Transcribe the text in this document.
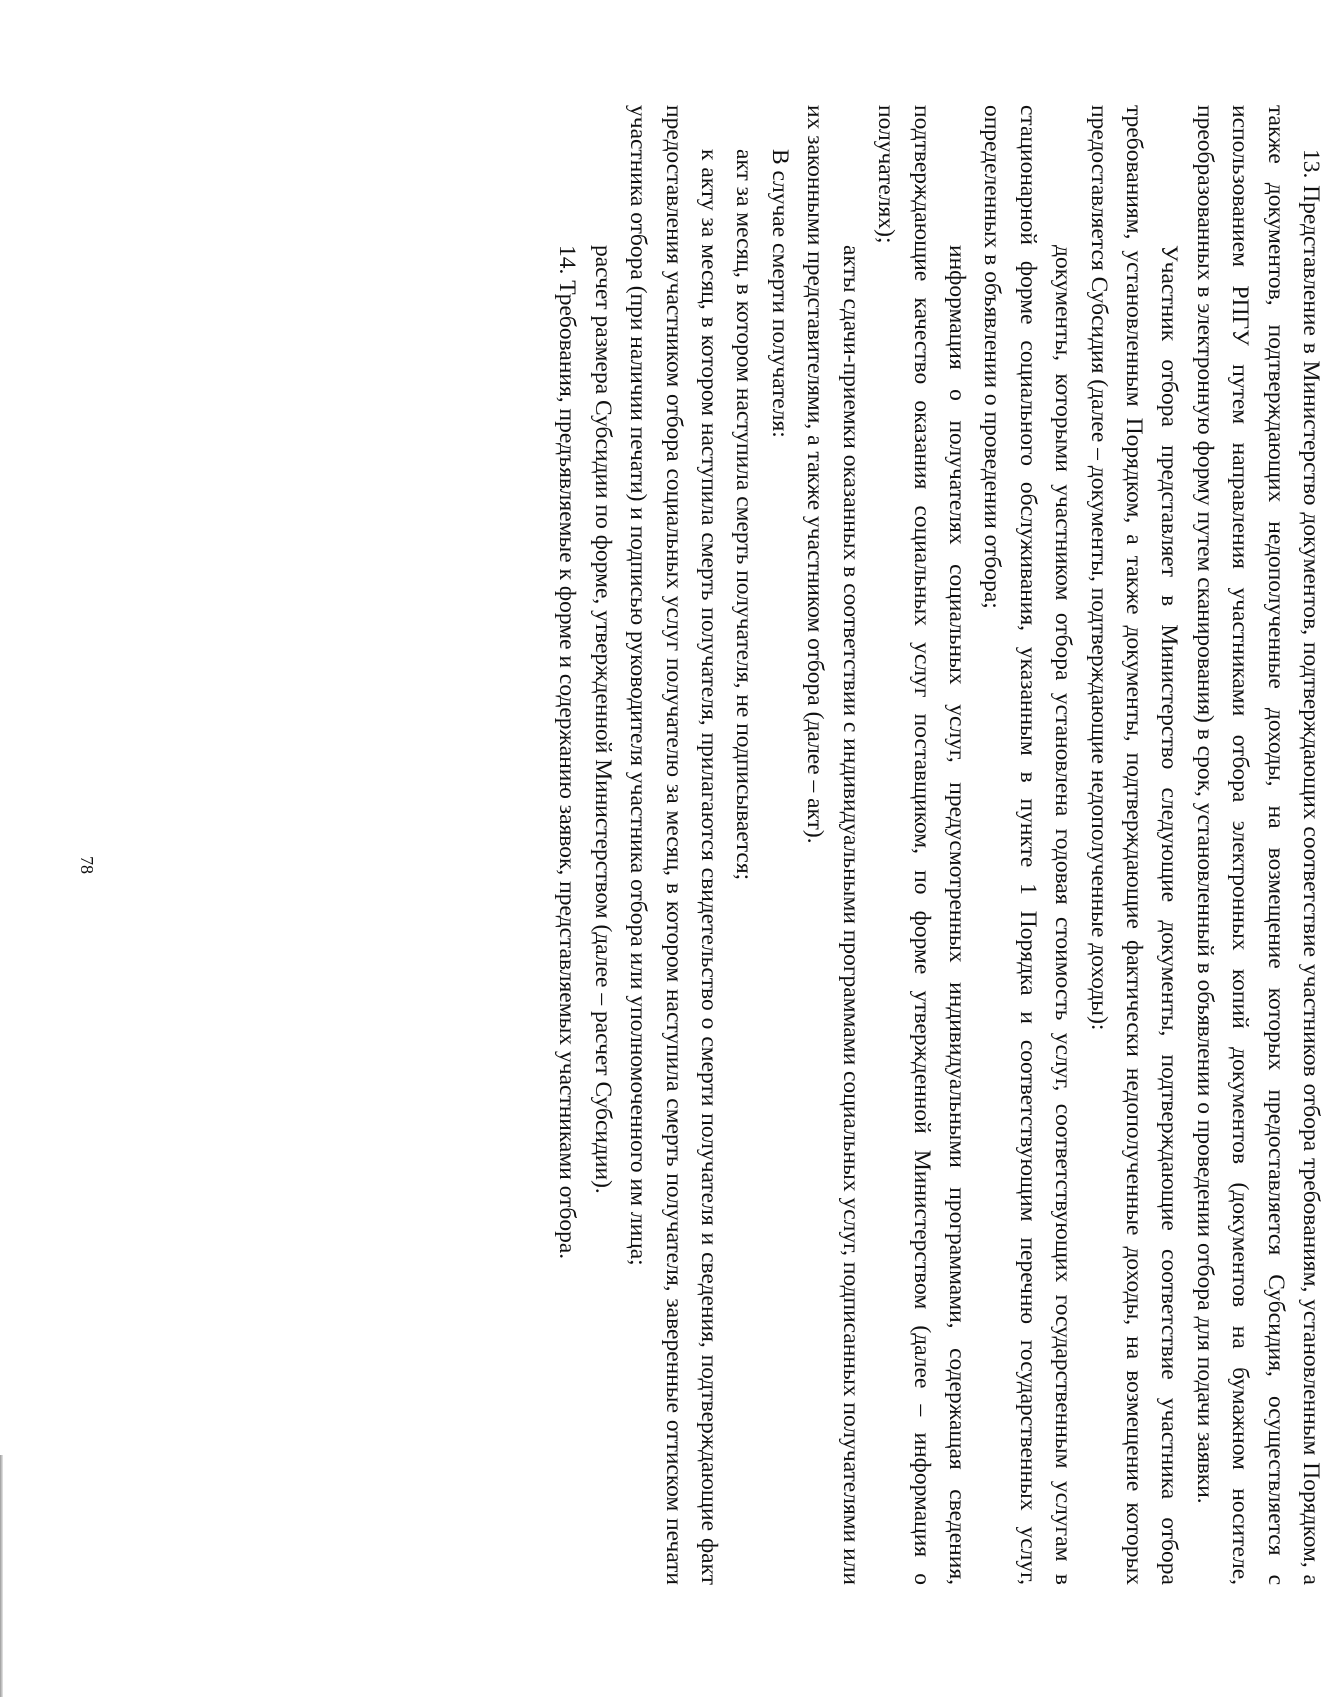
78	13. Представление в Министерство документов, подтверждающих соответствие участников отбора требованиям, установленным Порядком, а также документов, подтверждающих недополученные доходы, на возмещение которых предоставляется Субсидия, осуществляется с использованием РПГУ путем направления участниками отбора электронных копий документов (документов на бумажном носителе, преобразованных в электронную форму путем сканирования) в срок, установленный в объявлении о проведении отбора для подачи заявки.

Участник отбора представляет в Министерство следующие документы, подтверждающие соответствие участника отбора требованиям, установленным Порядком, а также документы, подтверждающие фактически недополученные доходы, на возмещение которых предоставляется Субсидия (далее – документы, подтверждающие недополученные доходы):

документы, которыми участником отбора установлена годовая стоимость услуг, соответствующих государственным услугам в стационарной форме социального обслуживания, указанным в пункте 1 Порядка и соответствующим перечню государственных услуг, определенных в объявлении о проведении отбора;

информация о получателях социальных услуг, предусмотренных индивидуальными программами, содержащая сведения, подтверждающие качество оказания социальных услуг поставщиком, по форме утвержденной Министерством (далее – информация о получателях);

акты сдачи-приемки оказанных в соответствии с индивидуальными программами социальных услуг, подписанных получателями или их законными представителями, а также участником отбора (далее – акт).

В случае смерти получателя:

акт за месяц, в котором наступила смерть получателя, не подписывается;

к акту за месяц, в котором наступила смерть получателя, прилагаются свидетельство о смерти получателя и сведения, подтверждающие факт предоставления участником отбора социальных услуг получателю за месяц, в котором наступила смерть получателя, заверенные оттиском печати участника отбора (при наличии печати) и подписью руководителя участника отбора или уполномоченного им лица;

расчет размера Субсидии по форме, утвержденной Министерством (далее – расчет Субсидии).

14. Требования, предъявляемые к форме и содержанию заявок, представляемых участниками отбора.
